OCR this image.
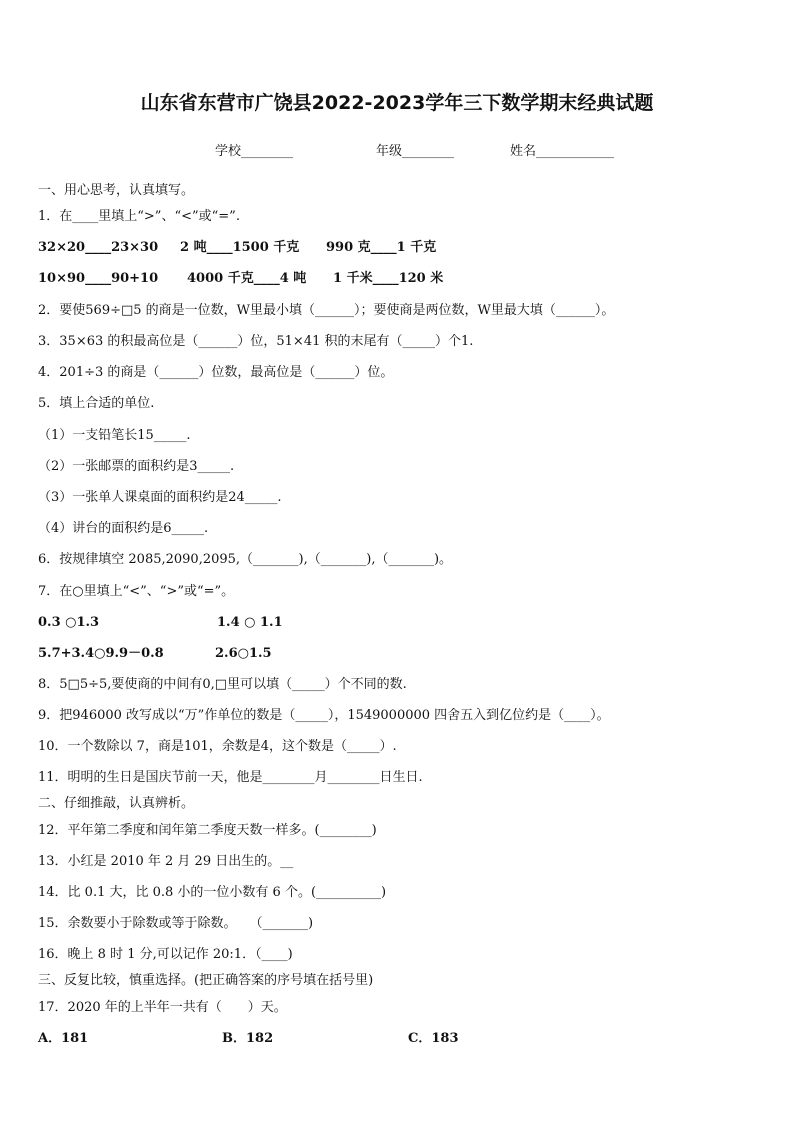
山东省东营市广饶县2022-2023学年三下数学期末经典试题
学校________	年级________	姓名____________
一、用心思考，认真填写。
1．在____里填上“>”、“<”或“=”.
32×20____23×30 2 吨____1500 千克 990 克____1 千克
10×90____90+10 4000 千克____4 吨 1 千米____120 米
2．要使569÷□5 的商是一位数，W里最小填（______）；要使商是两位数，W里最大填（______）。
3．35×63 的积最高位是（______）位，51×41 积的末尾有（_____）个1.
4．201÷3 的商是（______）位数，最高位是（______）位。
5．填上合适的单位.
（1）一支铅笔长15_____.
（2）一张邮票的面积约是3_____.
（3）一张单人课桌面的面积约是24_____.
（4）讲台的面积约是6_____.
6．按规律填空 2085,2090,2095,（_______),（_______),（_______)。
7．在○里填上“<”、“>”或“=”。
0.3 ○1.3	1.4 ○ 1.1
5.7+3.4○9.9－0.8	2.6○1.5
8．5□5÷5,要使商的中间有0,□里可以填（_____）个不同的数.
9．把946000 改写成以“万”作单位的数是（_____），1549000000 四舍五入到亿位约是（____）。
10．一个数除以 7，商是101，余数是4，这个数是（_____）.
11．明明的生日是国庆节前一天，他是________月________日生日.
二、仔细推敲，认真辨析。
12．平年第二季度和闰年第二季度天数一样多。(________)
13．小红是 2010 年 2 月 29 日出生的。__
14．比 0.1 大，比 0.8 小的一位小数有 6 个。(__________)
15．余数要小于除数或等于除数。　　（_______)
16．晚上 8 时 1 分,可以记作 20:1．（____)
三、反复比较，慎重选择。(把正确答案的序号填在括号里)
17．2020 年的上半年一共有（　　）天。
A．181	B．182	C．183
